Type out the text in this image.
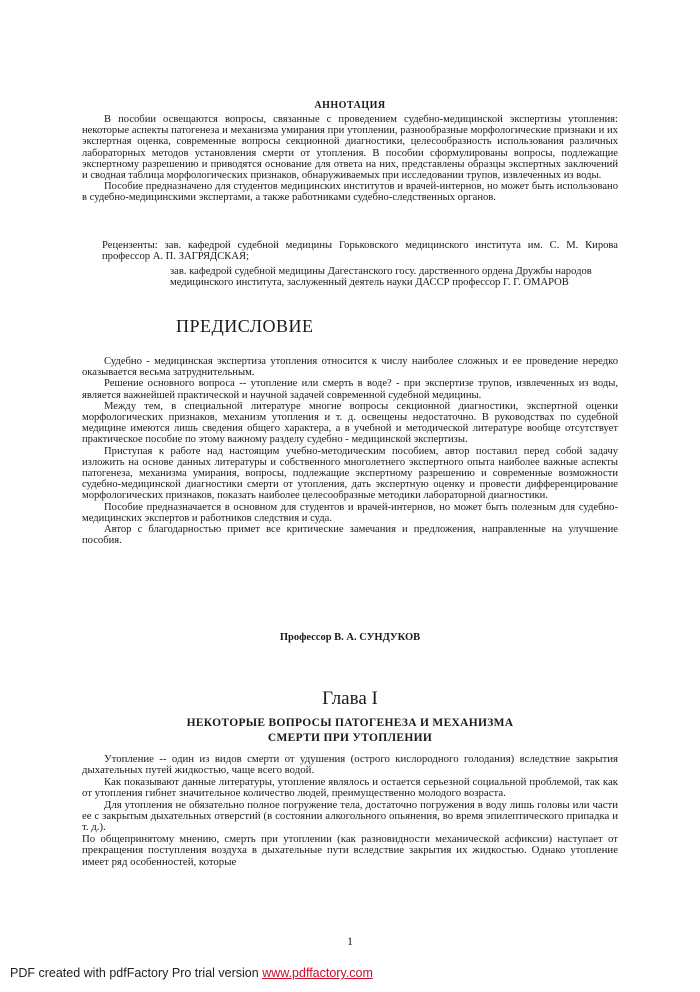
АННОТАЦИЯ

В пособии освещаются вопросы, связанные с проведением судебно-медицинской экспертизы утопления: некоторые аспекты патогенеза и механизма умирания при утоплении, разнообразные морфологические признаки и их экспертная оценка, современные вопросы секционной диагностики, целесообразность использования различных лабораторных методов установления смерти от утопления. В пособии сформулированы вопросы, подлежащие экспертному разрешению и приводятся основание для ответа на них, представлены образцы экспертных заключений и сводная таблица морфологических признаков, обнаруживаемых при исследовании трупов, извлеченных из воды.

Пособие предназначено для студентов медицинских институтов и врачей-интернов, но может быть использовано в судебно-медицинскими экспертами, а также работниками судебно-следственных органов.

Рецензенты: зав. кафедрой судебной медицины Горьковского медицинского института им. С. М. Кирова профессор А. П. ЗАГРЯДСКАЯ;
зав. кафедрой судебной медицины Дагестанского госу. дарственного ордена Дружбы народов медицинского института, заслуженный деятель науки ДАССР профессор Г. Г. ОМАРОВ
ПРЕДИСЛОВИЕ

Судебно - медицинская экспертиза утопления относится к числу наиболее сложных и ее проведение нередко оказывается весьма затруднительным.

Решение основного вопроса -- утопление или смерть в воде? - при экспертизе трупов, извлеченных из воды, является важнейшей практической и научной задачей современной судебной медицины.

Между тем, в специальной литературе многие вопросы секционной диагностики, экспертной оценки морфологических признаков, механизм утопления и т. д. освещены недостаточно. В руководствах по судебной медицине имеются лишь сведения общего характера, а в учебной и методической литературе вообще отсутствует практическое пособие по этому важному разделу судебно - медицинской экспертизы.

Приступая к работе над настоящим учебно-методическим пособием, автор поставил перед собой задачу изложить на основе данных литературы и собственного многолетнего экспертного опыта наиболее важные аспекты патогенеза, механизма умирания, вопросы, подлежащие экспертному разрешению и современные возможности судебно-медицинской диагностики смерти от утопления, дать экспертную оценку и провести дифференцирование морфологических признаков, показать наиболее целесообразные методики лабораторной диагностики.

Пособие предназначается в основном для студентов и врачей-интернов, но может быть полезным для судебно-медицинских экспертов и работников следствия и суда.

Автор с благодарностью примет все критические замечания и предложения, направленные на улучшение пособия.

Профессор В. А. СУНДУКОВ
Глава I
НЕКОТОРЫЕ ВОПРОСЫ ПАТОГЕНЕЗА И МЕХАНИЗМА
СМЕРТИ ПРИ УТОПЛЕНИИ

Утопление -- один из видов смерти от удушения (острого кислородного голодания) вследствие закрытия дыхательных путей жидкостью, чаще всего водой.

Как показывают данные литературы, утопление являлось и остается серьезной социальной проблемой, так как от утопления гибнет значительное количество людей, преимущественно молодого возраста.

Для утопления не обязательно полное погружение тела, достаточно погружения в воду лишь головы или части ее с закрытым дыхательных отверстий (в состоянии алкогольного опьянения, во время эпилептического припадка и т. д.).

По общепринятому мнению, смерть при утоплении (как разновидности механической асфиксии) наступает от прекращения поступления воздуха в дыхательные пути вследствие закрытия их жидкостью. Однако утопление имеет ряд особенностей, которые

1
PDF created with pdfFactory Pro trial version www.pdffactory.com
